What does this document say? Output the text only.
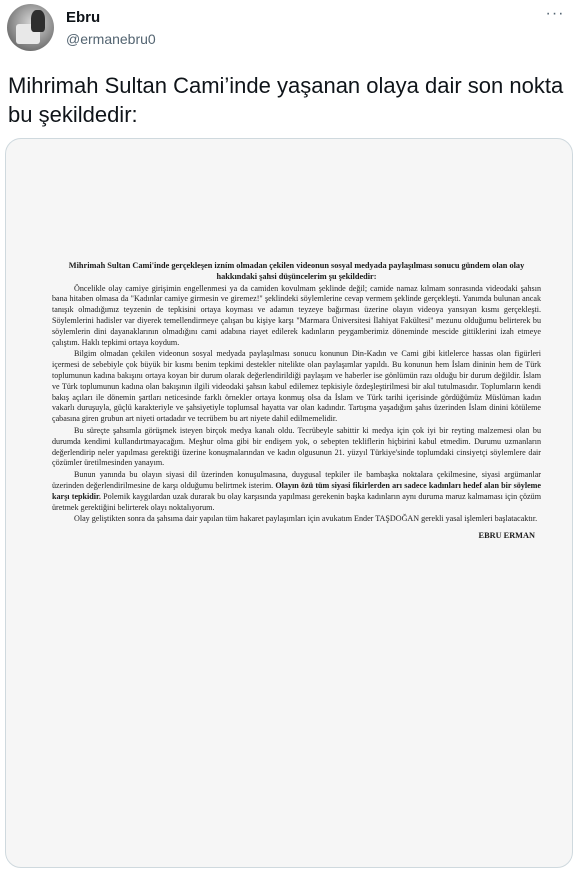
Ebru
@ermanebru0
···
Mihrimah Sultan Cami’inde yaşanan olaya dair son nokta bu şekildedir:
Mihrimah Sultan Cami'inde gerçekleşen izním olmadan çekilen videonun sosyal medyada paylaşılması sonucu gündem olan olay hakkındaki şahsi düşüncelerim şu şekildedir:

Öncelikle olay camiye girişimin engellenmesi ya da camiden kovulmam şeklinde değil; camide namaz kılmam sonrasında videodaki şahsın bana hitaben olmasa da "Kadınlar camiye girmesin ve giremez!" şeklindeki söylemlerine cevap vermem şeklinde gerçekleşti. Yanımda bulunan ancak tanışık olmadığımız teyzenin de tepkisini ortaya koyması ve adamın teyzeye bağırması üzerine olayın videoya yansıyan kısmı gerçekleşti. Söylemlerini hadisler var diyerek temellendirmeye çalışan bu kişiye karşı "Marmara Üniversitesi İlahiyat Fakültesi" mezunu olduğumu belirterek bu söylemlerin dini dayanaklarının olmadığını cami adabına riayet edilerek kadınların peygamberimiz döneminde mescide gittiklerini izah etmeye çalıştım. Haklı tepkimi ortaya koydum.

Bilgim olmadan çekilen videonun sosyal medyada paylaşılması sonucu konunun Din-Kadın ve Cami gibi kitlelerce hassas olan figürleri içermesi de sebebiyle çok büyük bir kısmı benim tepkimi destekler nitelikte olan paylaşımlar yapıldı. Bu konunun hem İslam dininin hem de Türk toplumunun kadına bakışını ortaya koyan bir durum olarak değerlendirildiği paylaşım ve haberler ise gönlümün razı olduğu bir durum değildir. İslam ve Türk toplumunun kadına olan bakışının ilgili videodaki şahsın kabul edilemez tepkisiyle özdeşleştirilmesi bir akıl tutulmasıdır. Toplumların kendi bakış açıları ile dönemin şartları neticesinde farklı örnekler ortaya konmuş olsa da İslam ve Türk tarihi içerisinde gördüğümüz Müslüman kadın vakarlı duruşuyla, güçlü karakteriyle ve şahsiyetiyle toplumsal hayatta var olan kadındır. Tartışma yaşadığım şahıs üzerinden İslam dinini kötüleme çabasına giren grubun art niyeti ortadadır ve tecrübem bu art niyete dahil edilmemelidir.

Bu süreçte şahsımla görüşmek isteyen birçok medya kanalı oldu. Tecrübeyle sabittir ki medya için çok iyi bir reyting malzemesi olan bu durumda kendimi kullandırtmayacağım. Meşhur olma gibi bir endişem yok, o sebepten tekliflerin hiçbirini kabul etmedim. Durumu uzmanların değerlendirip neler yapılması gerektiği üzerine konuşmalarından ve kadın olgusunun 21. yüzyıl Türkiye'sinde toplumdaki cinsiyetçi söylemlere dair çözümler üretilmesinden yanayım.

Bunun yanında bu olayın siyasi dil üzerinden konuşulmasına, duygusal tepkiler ile bambaşka noktalara çekilmesine, siyasi argümanlar üzerinden değerlendirilmesine de karşı olduğumu belirtmek isterim. Olayın özü tüm siyasi fikirlerden arı sadece kadınları hedef alan bir söyleme karşı tepkidir. Polemik kaygılardan uzak durarak bu olay karşısında yapılması gerekenin başka kadınların aynı duruma maruz kalmaması için çözüm üretmek gerektiğini belirterek olayı noktalıyorum.

Olay geliştikten sonra da şahsıma dair yapılan tüm hakaret paylaşımları için avukatım Ender TAŞDOĞAN gerekli yasal işlemleri başlatacaktır.

EBRU ERMAN
